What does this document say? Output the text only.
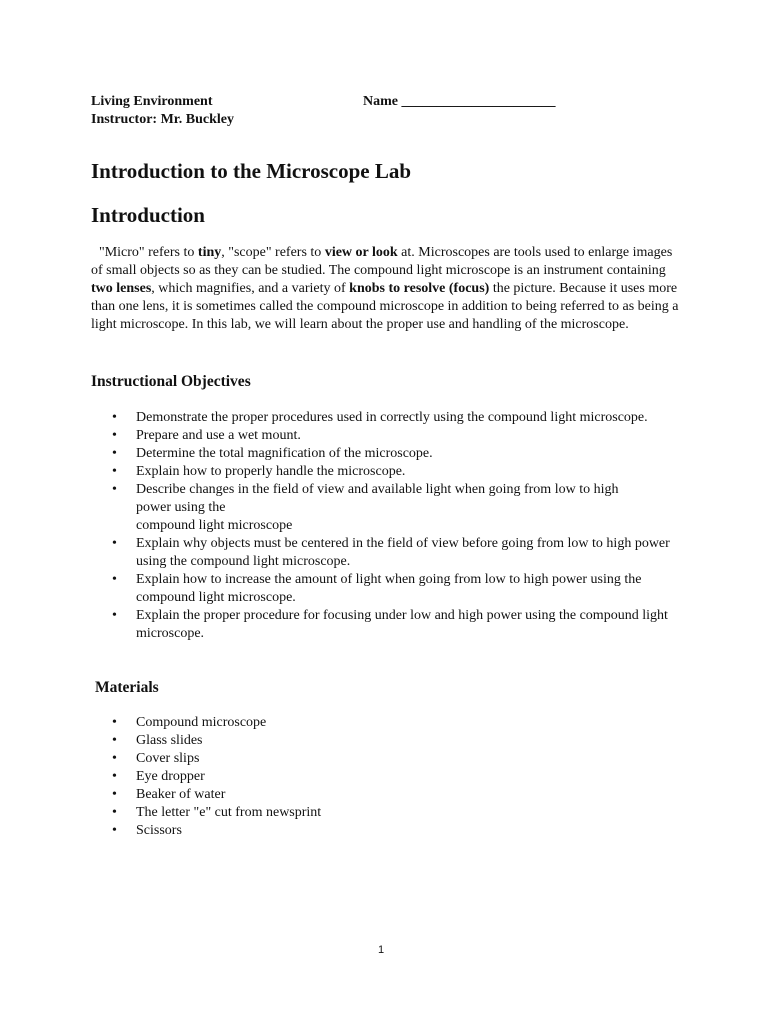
Living Environment
Instructor: Mr. Buckley
Name ______________________
Introduction to the Microscope Lab
Introduction

"Micro" refers to tiny, "scope" refers to view or look at. Microscopes are tools used to enlarge images of small objects so as they can be studied. The compound light microscope is an instrument containing two lenses, which magnifies, and a variety of knobs to resolve (focus) the picture. Because it uses more than one lens, it is sometimes called the compound microscope in addition to being referred to as being a light microscope. In this lab, we will learn about the proper use and handling of the microscope.

Instructional Objectives
• Demonstrate the proper procedures used in correctly using the compound light microscope.
• Prepare and use a wet mount.
• Determine the total magnification of the microscope.
• Explain how to properly handle the microscope.
• Describe changes in the field of view and available light when going from low to high power using the
compound light microscope
• Explain why objects must be centered in the field of view before going from low to high power using the compound light microscope.
• Explain how to increase the amount of light when going from low to high power using the compound light microscope.
• Explain the proper procedure for focusing under low and high power using the compound light microscope.
Materials
• Compound microscope
• Glass slides
• Cover slips
• Eye dropper
• Beaker of water
• The letter "e" cut from newsprint
• Scissors
1
